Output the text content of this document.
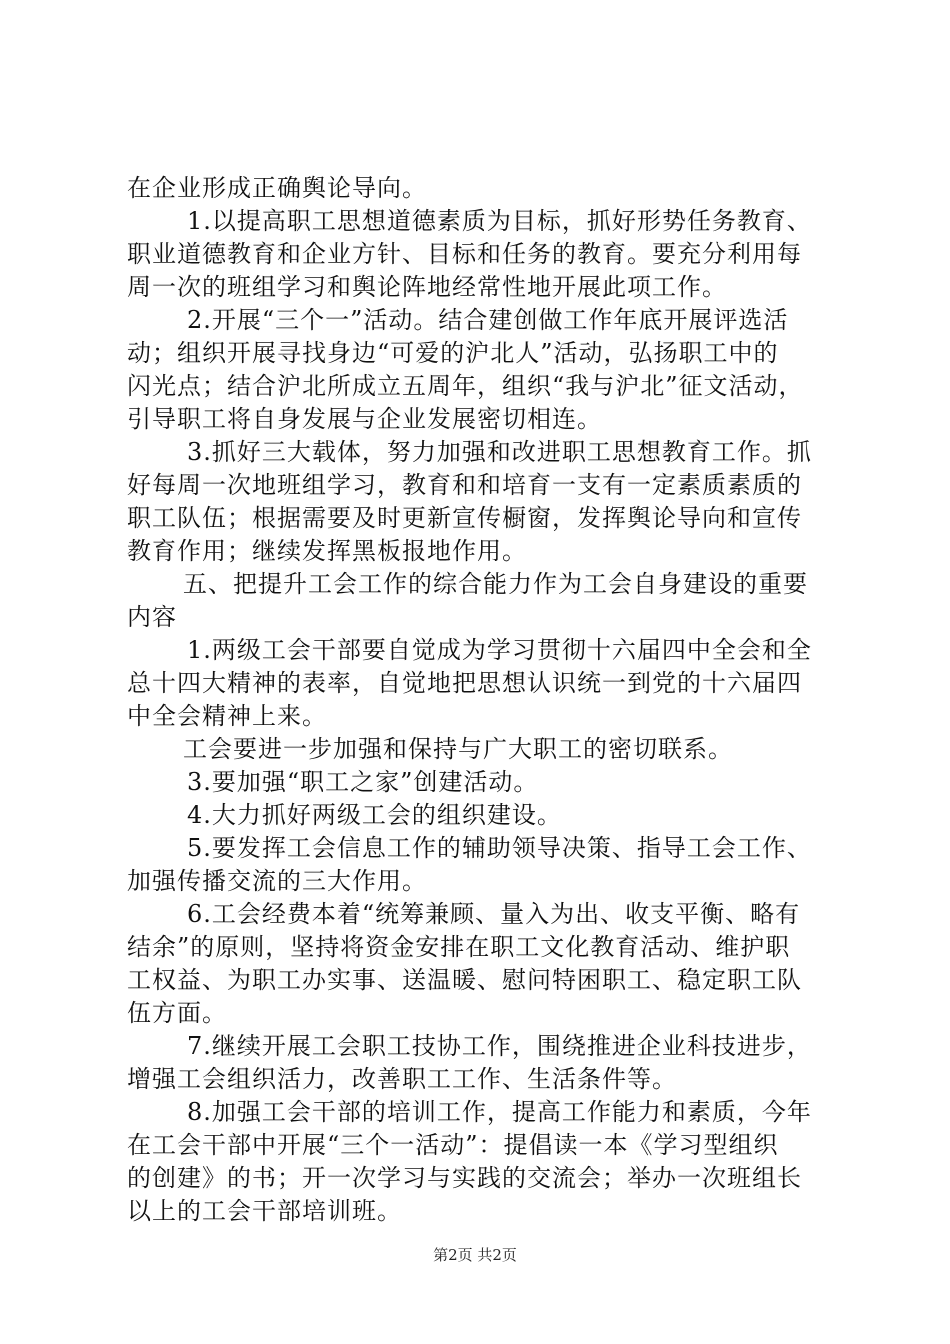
在企业形成正确舆论导向。
1.以提高职工思想道德素质为目标，抓好形势任务教育、
职业道德教育和企业方针、目标和任务的教育。要充分利用每
周一次的班组学习和舆论阵地经常性地开展此项工作。
2.开展“三个一”活动。结合建创做工作年底开展评选活
动；组织开展寻找身边“可爱的沪北人”活动，弘扬职工中的
闪光点；结合沪北所成立五周年，组织“我与沪北”征文活动，
引导职工将自身发展与企业发展密切相连。
3.抓好三大载体，努力加强和改进职工思想教育工作。抓
好每周一次地班组学习，教育和和培育一支有一定素质素质的
职工队伍；根据需要及时更新宣传橱窗，发挥舆论导向和宣传
教育作用；继续发挥黑板报地作用。
五、把提升工会工作的综合能力作为工会自身建设的重要
内容
1.两级工会干部要自觉成为学习贯彻十六届四中全会和全
总十四大精神的表率，自觉地把思想认识统一到党的十六届四
中全会精神上来。
工会要进一步加强和保持与广大职工的密切联系。
3.要加强“职工之家”创建活动。
4.大力抓好两级工会的组织建设。
5.要发挥工会信息工作的辅助领导决策、指导工会工作、
加强传播交流的三大作用。
6.工会经费本着“统筹兼顾、量入为出、收支平衡、略有
结余”的原则，坚持将资金安排在职工文化教育活动、维护职
工权益、为职工办实事、送温暖、慰问特困职工、稳定职工队
伍方面。
7.继续开展工会职工技协工作，围绕推进企业科技进步，
增强工会组织活力，改善职工工作、生活条件等。
8.加强工会干部的培训工作，提高工作能力和素质，今年
在工会干部中开展“三个一活动”：提倡读一本《学习型组织
的创建》的书；开一次学习与实践的交流会；举办一次班组长
以上的工会干部培训班。
第2页 共2页
